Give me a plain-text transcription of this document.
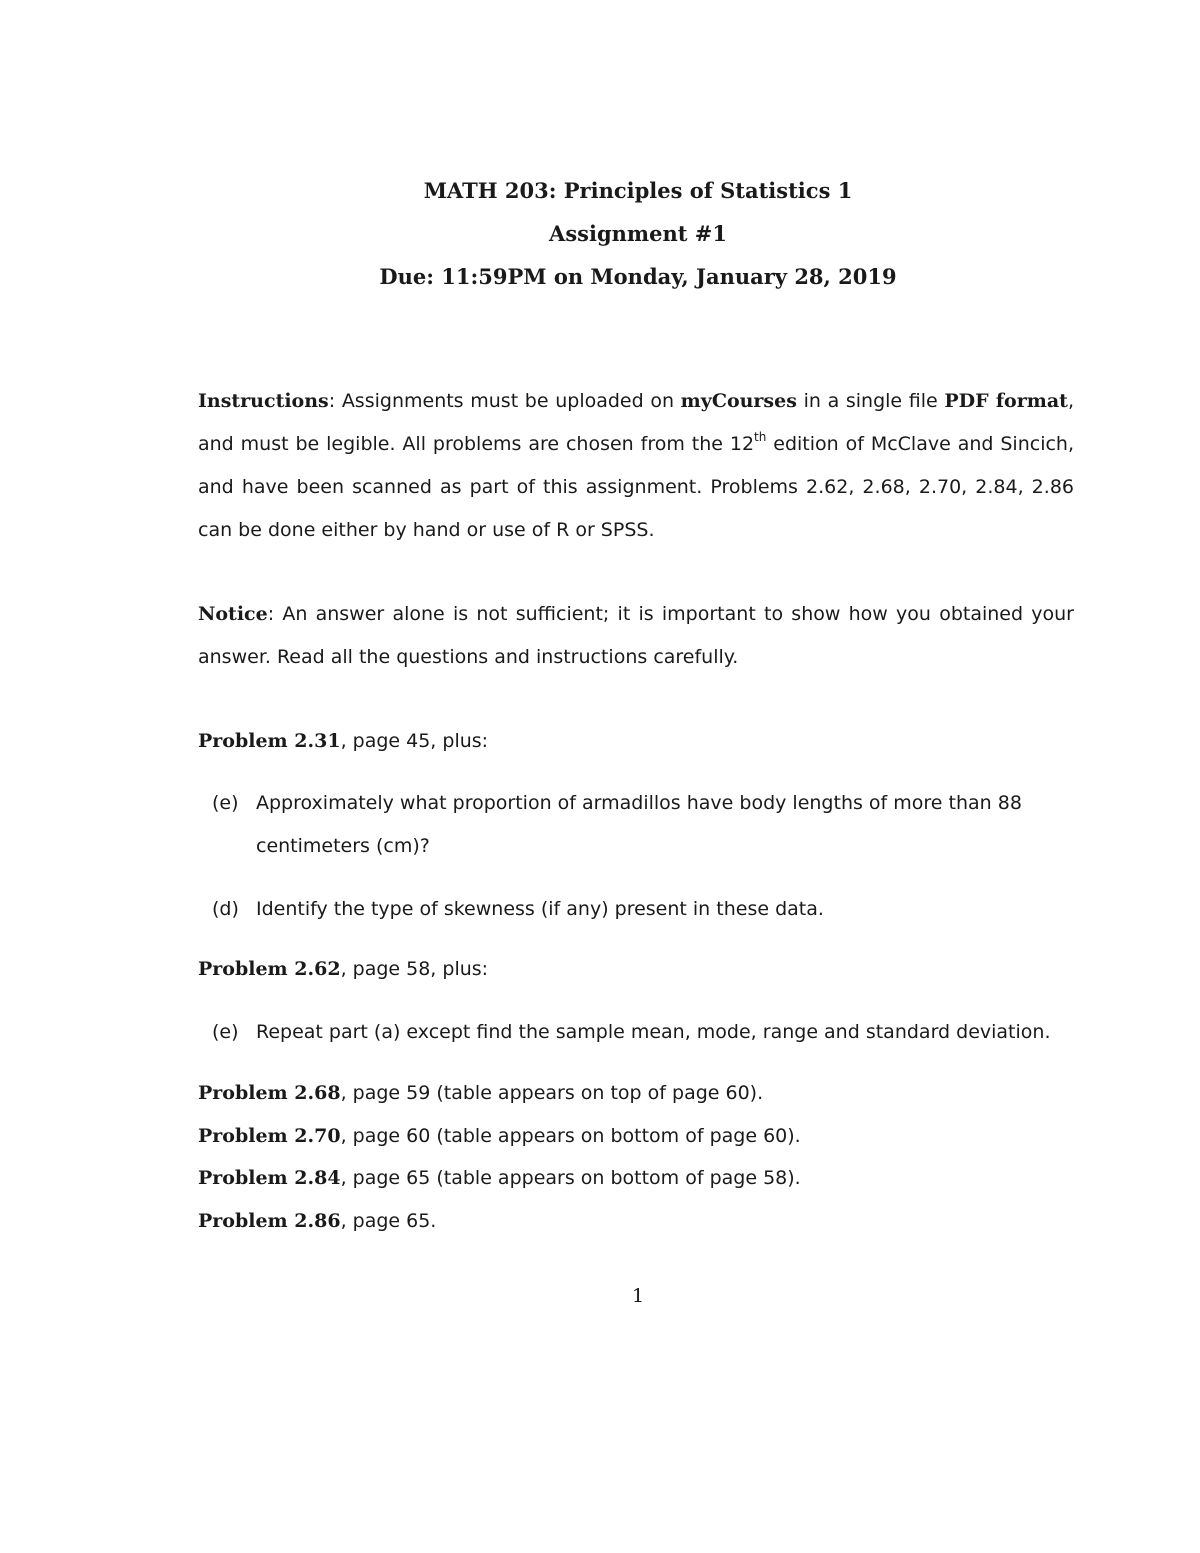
MATH 203: Principles of Statistics 1
Assignment #1
Due: 11:59PM on Monday, January 28, 2019
Instructions: Assignments must be uploaded on myCourses in a single file PDF format, and must be legible. All problems are chosen from the 12th edition of McClave and Sincich, and have been scanned as part of this assignment. Problems 2.62, 2.68, 2.70, 2.84, 2.86 can be done either by hand or use of R or SPSS.
Notice: An answer alone is not sufficient; it is important to show how you obtained your answer. Read all the questions and instructions carefully.
Problem 2.31, page 45, plus:
(e) Approximately what proportion of armadillos have body lengths of more than 88 centimeters (cm)?
(d) Identify the type of skewness (if any) present in these data.
Problem 2.62, page 58, plus:
(e) Repeat part (a) except find the sample mean, mode, range and standard deviation.
Problem 2.68, page 59 (table appears on top of page 60).
Problem 2.70, page 60 (table appears on bottom of page 60).
Problem 2.84, page 65 (table appears on bottom of page 58).
Problem 2.86, page 65.
1
